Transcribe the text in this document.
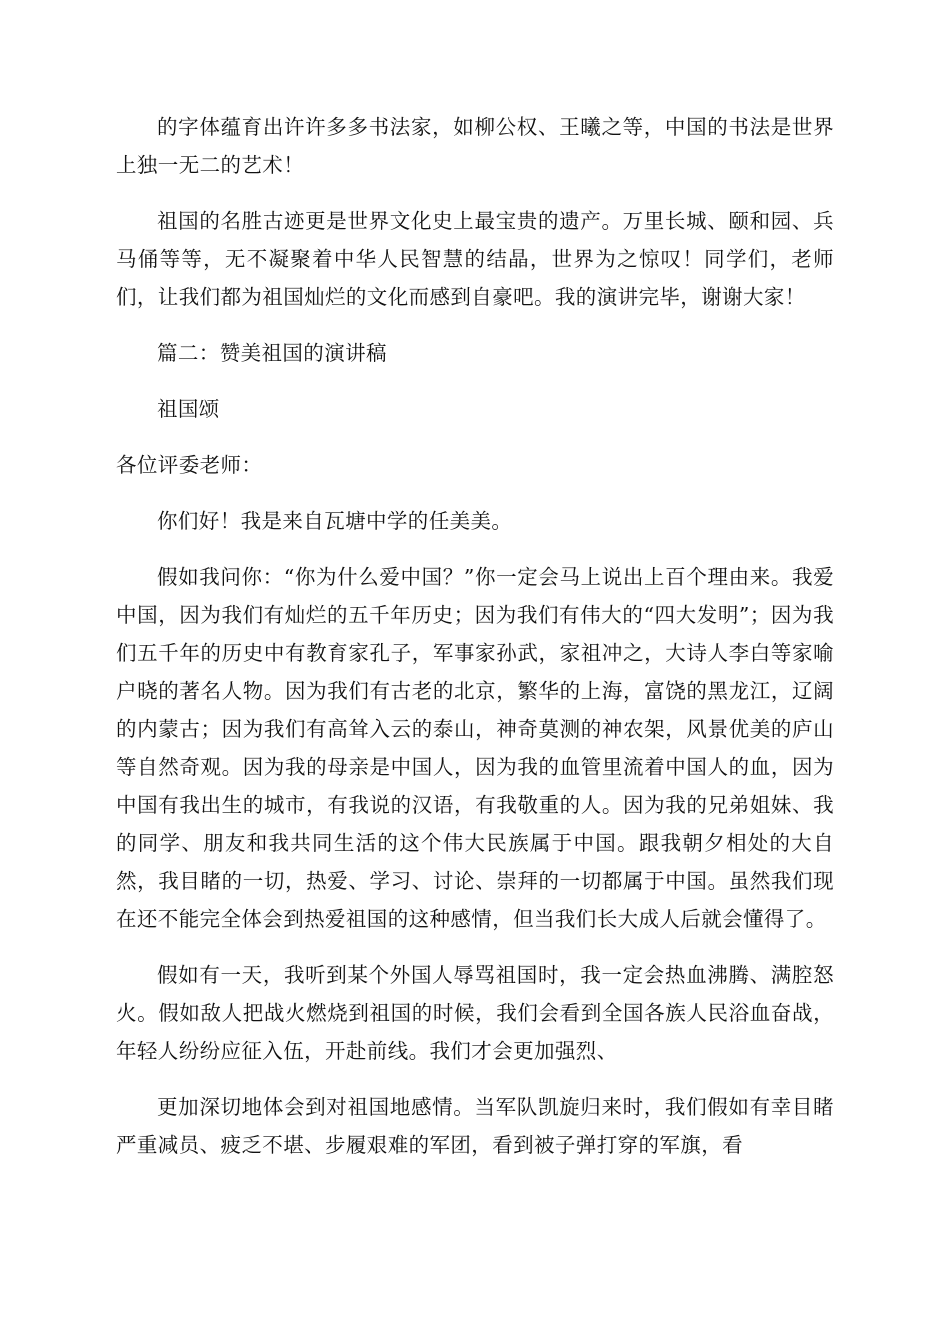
的字体蕴育出许许多多书法家，如柳公权、王曦之等，中国的书法是世界上独一无二的艺术！

祖国的名胜古迹更是世界文化史上最宝贵的遗产。万里长城、颐和园、兵马俑等等，无不凝聚着中华人民智慧的结晶，世界为之惊叹！同学们，老师们，让我们都为祖国灿烂的文化而感到自豪吧。我的演讲完毕，谢谢大家！

篇二：赞美祖国的演讲稿

祖国颂

各位评委老师：

你们好！我是来自瓦塘中学的任美美。

假如我问你：“你为什么爱中国？”你一定会马上说出上百个理由来。我爱中国，因为我们有灿烂的五千年历史；因为我们有伟大的“四大发明”；因为我们五千年的历史中有教育家孔子，军事家孙武，家祖冲之，大诗人李白等家喻户晓的著名人物。因为我们有古老的北京，繁华的上海，富饶的黑龙江，辽阔的内蒙古；因为我们有高耸入云的泰山，神奇莫测的神农架，风景优美的庐山等自然奇观。因为我的母亲是中国人，因为我的血管里流着中国人的血，因为中国有我出生的城市，有我说的汉语，有我敬重的人。因为我的兄弟姐妹、我的同学、朋友和我共同生活的这个伟大民族属于中国。跟我朝夕相处的大自然，我目睹的一切，热爱、学习、讨论、崇拜的一切都属于中国。虽然我们现在还不能完全体会到热爱祖国的这种感情，但当我们长大成人后就会懂得了。

假如有一天，我听到某个外国人辱骂祖国时，我一定会热血沸腾、满腔怒火。假如敌人把战火燃烧到祖国的时候，我们会看到全国各族人民浴血奋战，年轻人纷纷应征入伍，开赴前线。我们才会更加强烈、

更加深切地体会到对祖国地感情。当军队凯旋归来时，我们假如有幸目睹严重减员、疲乏不堪、步履艰难的军团，看到被子弹打穿的军旗，看
